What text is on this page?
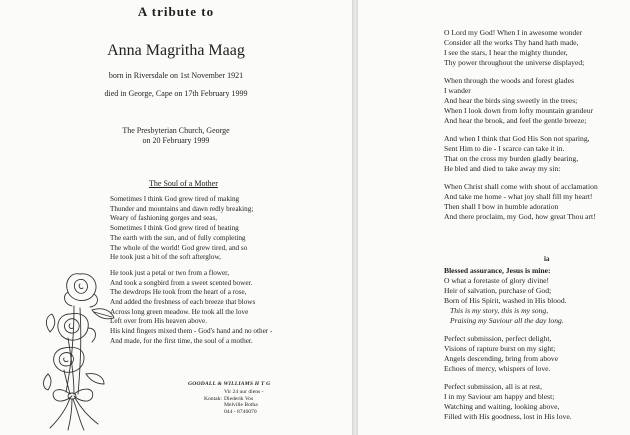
A tribute to
Anna Magritha Maag
born in Riversdale on 1st November 1921
died in George, Cape on 17th February 1999
The Presbyterian Church, George
on 20 February 1999
The Soul of a Mother
Sometimes I think God grew tired of making
Thunder and mountains and dawn redly breaking;
Weary of fashioning gorges and seas,
Sometimes I think God grew tired of heating
The earth with the sun, and of fully completing
The whole of the world! God grew tired, and so
He took just a bit of the soft afterglow,
He took just a petal or two from a flower,
And took a songbird from a sweet scented bower.
The dewdrops He took from the heart of a rose,
And added the freshness of each breeze that blows
Across long green meadow. He took all the love
Left over from His heaven above.
His kind fingers mixed them - God's hand and no other -
And made, for the first time, the soul of a mother.
GOODALL & WILLIAMS H T G
Vir 24 uur diens -
Kontak: Diederik Vos
Melville Botha
044 - 8746070
O Lord my God! When I in awesome wonder
Consider all the works Thy hand hath made,
I see the stars, I hear the mighty thunder,
Thy power throughout the universe displayed;
When through the woods and forest glades
I wander
And hear the birds sing sweetly in the trees;
When I look down from lofty mountain grandeur
And hear the brook, and feel the gentle breeze;
And when I think that God His Son not sparing,
Sent Him to die - I scarce can take it in.
That on the cross my burden gladly bearing,
He bled and died to take away my sin:
When Christ shall come with shout of acclamation
And take me home - what joy shall fill my heart!
Then shall I bow in humble adoration
And there proclaim, my God, how great Thou art!
ia
Blessed assurance, Jesus is mine:
O what a foretaste of glory divine!
Heir of salvation, purchase of God;
Born of His Spirit, washed in His blood.
This is my story, this is my song,
Praising my Saviour all the day long.
Perfect submission, perfect delight,
Visions of rapture burst on my sight;
Angels descending, bring from above
Echoes of mercy, whispers of love.
Perfect submission, all is at rest,
I in my Saviour am happy and blest;
Watching and waiting, looking above,
Filled with His goodness, lost in His love.
